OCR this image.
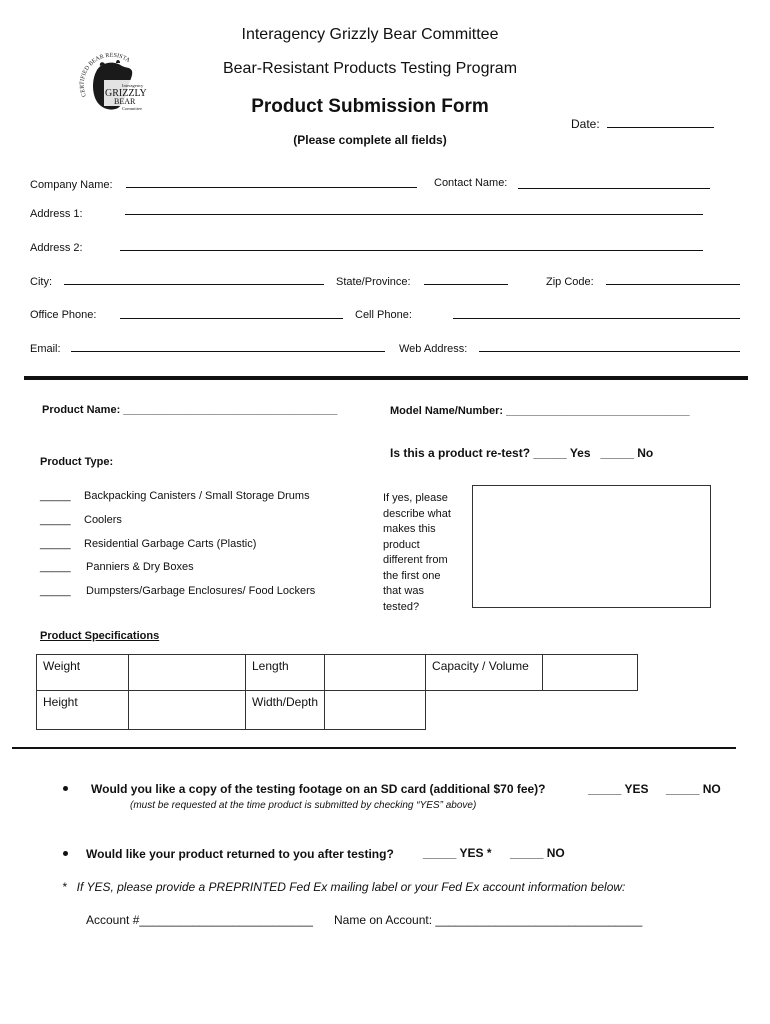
CERTIFIED BEAR RESISTA
Interagency
GRIZZLY
BEAR
Committee
Interagency Grizzly Bear Committee
Bear-Resistant Products Testing Program
Product Submission Form
(Please complete all fields)
Date:
Company Name:	Contact Name:
Address 1:
Address 2:
City:	State/Province:	Zip Code:
Office Phone:	Cell Phone:
Email:	Web Address:
Product Name: ___________________________________	Model Name/Number: ______________________________
Is this a product re-test? _____ Yes   _____ No
Product Type:
_____ Backpacking Canisters / Small Storage Drums
_____ Coolers
_____ Residential Garbage Carts (Plastic)
_____ Panniers & Dry Boxes
_____ Dumpsters/Garbage Enclosures/ Food Lockers
If yes, please
describe what
makes this
product
different from
the first one
that was
tested?
Product Specifications
Weight		Length		Capacity / Volume	
Height		Width/Depth			
Would you like a copy of the testing footage on an SD card (additional $70 fee)?	_____ YES _____ NO
(must be requested at the time product is submitted by checking “YES” above)
Would like your product returned to you after testing? _____ YES * _____ NO
*   If YES, please provide a PREPRINTED Fed Ex mailing label or your Fed Ex account information below:
Account #__________________________ Name on Account: _______________________________
